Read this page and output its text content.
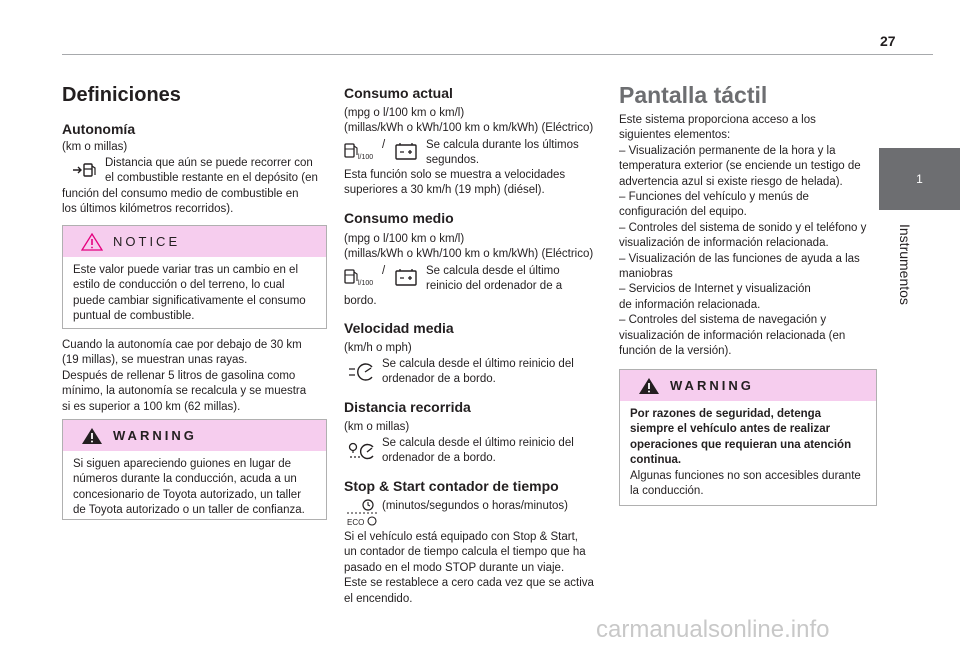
27
1
Instrumentos
Definiciones
Autonomía

(km o millas)

Distancia que aún se puede recorrer con

el combustible restante en el depósito (en

función del consumo medio de combustible en

los últimos kilómetros recorridos).

NOTICE

Este valor puede variar tras un cambio en el

estilo de conducción o del terreno, lo cual

puede cambiar significativamente el consumo

puntual de combustible.

Cuando la autonomía cae por debajo de 30 km

(19 millas), se muestran unas rayas.

Después de rellenar 5 litros de gasolina como

mínimo, la autonomía se recalcula y se muestra

si es superior a 100 km (62 millas).

WARNING

Si siguen apareciendo guiones en lugar de

números durante la conducción, acuda a un

concesionario de Toyota autorizado, un taller

de Toyota autorizado o un taller de confianza.

Consumo actual

(mpg o l/100 km o km/l)

(millas/kWh o kWh/100 km o km/kWh) (Eléctrico)

l/100

/	Se calcula durante los últimos

segundos.

Esta función solo se muestra a velocidades

superiores a 30 km/h (19 mph) (diésel).

Consumo medio

(mpg o l/100 km o km/l)

(millas/kWh o kWh/100 km o km/kWh) (Eléctrico)

l/100

/	Se calcula desde el último

reinicio del ordenador de a

bordo.

Velocidad media

(km/h o mph)

Se calcula desde el último reinicio del

ordenador de a bordo.

Distancia recorrida

(km o millas)

Se calcula desde el último reinicio del

ordenador de a bordo.

Stop & Start contador de tiempo
ECO

(minutos/segundos o horas/minutos)

Si el vehículo está equipado con Stop & Start,

un contador de tiempo calcula el tiempo que ha

pasado en el modo STOP durante un viaje.

Este se restablece a cero cada vez que se activa

el encendido.

Pantalla táctil

Este sistema proporciona acceso a los

siguientes elementos:

– Visualización permanente de la hora y la

temperatura exterior (se enciende un testigo de

advertencia azul si existe riesgo de helada).

– Funciones del vehículo y menús de

configuración del equipo.

– Controles del sistema de sonido y el teléfono y

visualización de información relacionada.

– Visualización de las funciones de ayuda a las

maniobras

– Servicios de Internet y visualización

de información relacionada.

– Controles del sistema de navegación y

visualización de información relacionada (en

función de la versión).

WARNING

Por razones de seguridad, detenga

siempre el vehículo antes de realizar

operaciones que requieran una atención

continua.

Algunas funciones no son accesibles durante

la conducción.

carmanualsonline.info
